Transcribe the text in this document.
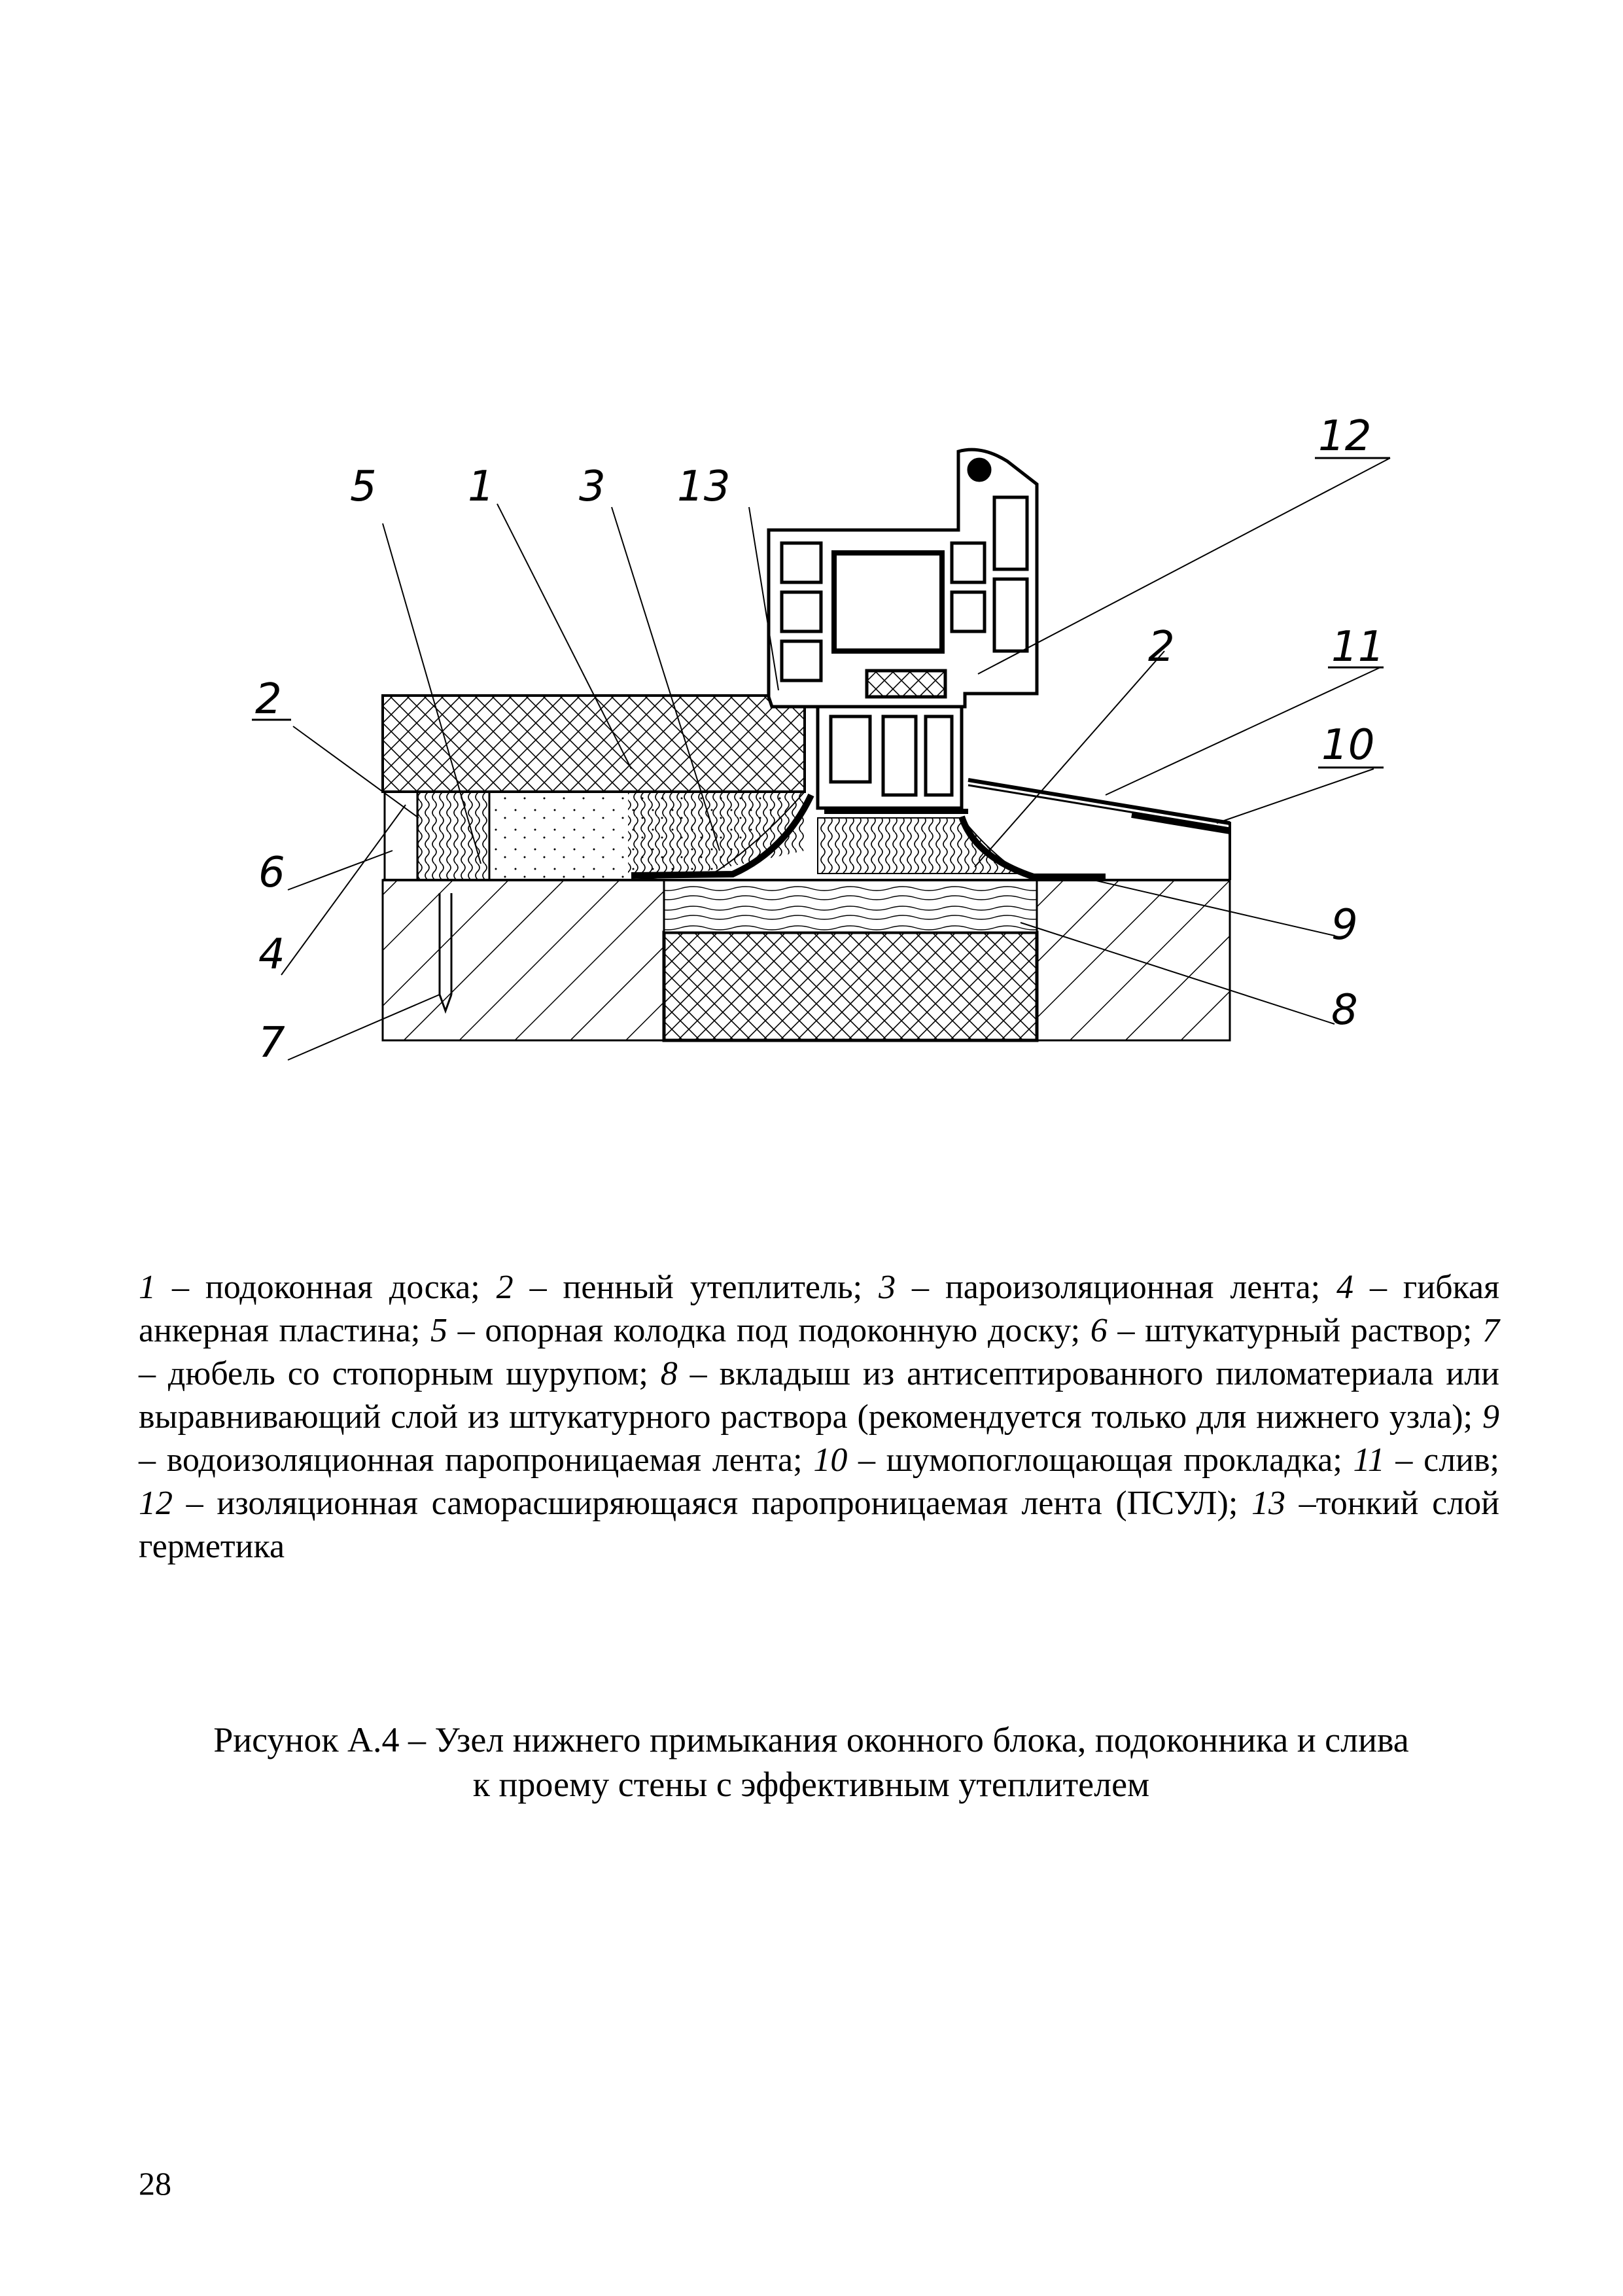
5 1 3 13
12
2	11
10
2
6
4
7
9
8
1 – подоконная доска; 2 – пенный утеплитель; 3 – пароизоляционная лента; 4 – гибкая анкерная пластина; 5 – опорная колодка под подоконную доску; 6 – штукатурный раствор; 7 – дюбель со стопорным шурупом; 8 – вкладыш из антисептированного пиломатериала или выравнивающий слой из штукатурного раствора (рекомендуется только для нижнего узла); 9 – водоизоляционная паропроницаемая лента; 10 – шумопоглощающая прокладка; 11 – слив; 12 – изоляционная саморасширяющаяся паропроницаемая лента (ПСУЛ); 13 –тонкий слой герметика
Рисунок А.4 – Узел нижнего примыкания оконного блока, подоконника и слива
к проему стены с эффективным утеплителем
28
